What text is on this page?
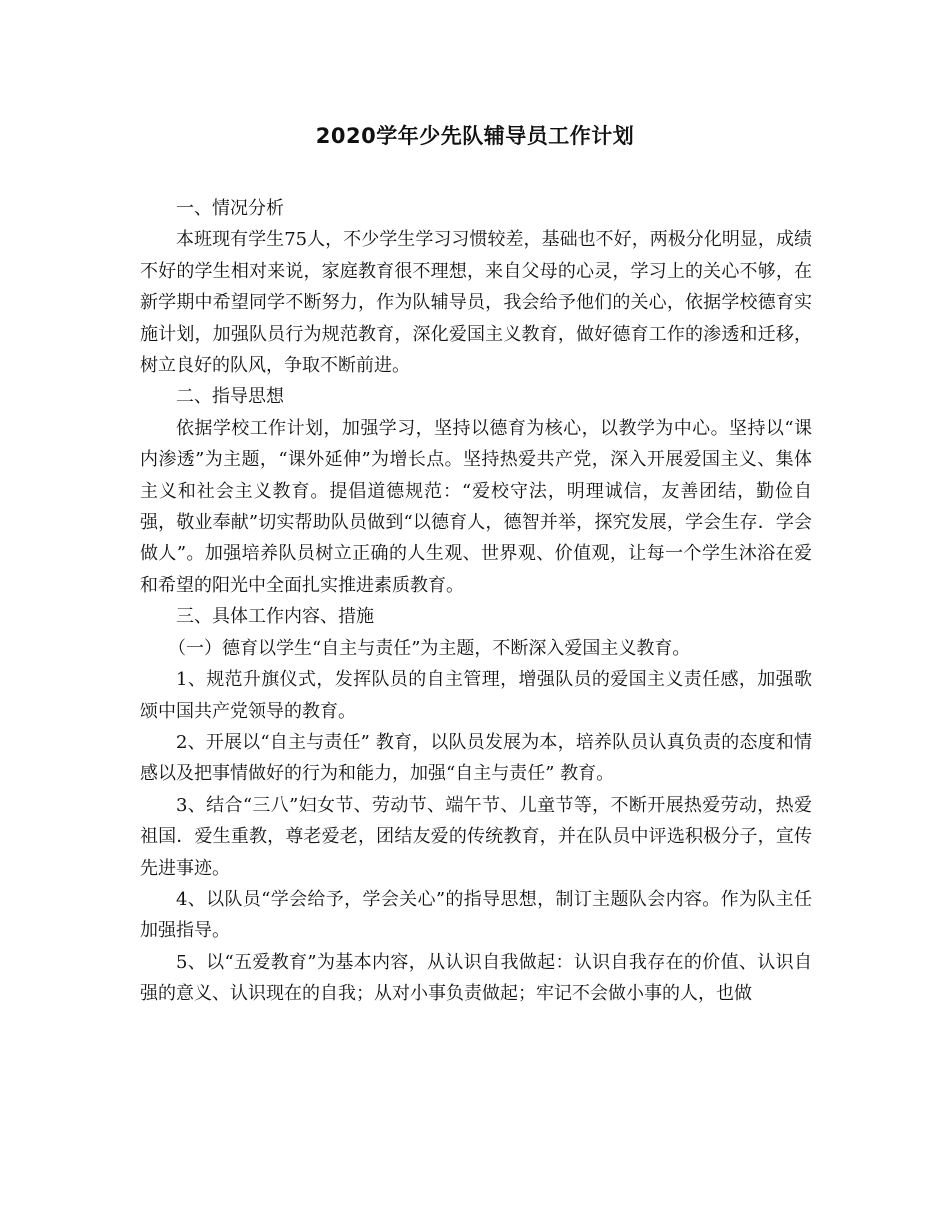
2020学年少先队辅导员工作计划

一、情况分析

本班现有学生75人，不少学生学习习惯较差，基础也不好，两极分化明显，成绩不好的学生相对来说，家庭教育很不理想，来自父母的心灵，学习上的关心不够，在新学期中希望同学不断努力，作为队辅导员，我会给予他们的关心，依据学校德育实施计划，加强队员行为规范教育，深化爱国主义教育，做好德育工作的渗透和迁移，树立良好的队风，争取不断前进。

二、指导思想

依据学校工作计划，加强学习，坚持以德育为核心，以教学为中心。坚持以“课内渗透”为主题，“课外延伸”为增长点。坚持热爱共产党，深入开展爱国主义、集体主义和社会主义教育。提倡道德规范：“爱校守法，明理诚信，友善团结，勤俭自强，敬业奉献”切实帮助队员做到“以德育人，德智并举，探究发展，学会生存．学会做人”。加强培养队员树立正确的人生观、世界观、价值观，让每一个学生沐浴在爱和希望的阳光中全面扎实推进素质教育。

三、具体工作内容、措施

（一）德育以学生“自主与责任”为主题，不断深入爱国主义教育。

1、规范升旗仪式，发挥队员的自主管理，增强队员的爱国主义责任感，加强歌颂中国共产党领导的教育。

2、开展以“自主与责任” 教育，以队员发展为本，培养队员认真负责的态度和情感以及把事情做好的行为和能力，加强“自主与责任” 教育。

3、结合“三八”妇女节、劳动节、端午节、儿童节等，不断开展热爱劳动，热爱祖国．爱生重教，尊老爱老，团结友爱的传统教育，并在队员中评选积极分子，宣传先进事迹。

4、以队员“学会给予，学会关心”的指导思想，制订主题队会内容。作为队主任加强指导。

5、以“五爱教育”为基本内容，从认识自我做起：认识自我存在的价值、认识自强的意义、认识现在的自我；从对小事负责做起；牢记不会做小事的人，也做
